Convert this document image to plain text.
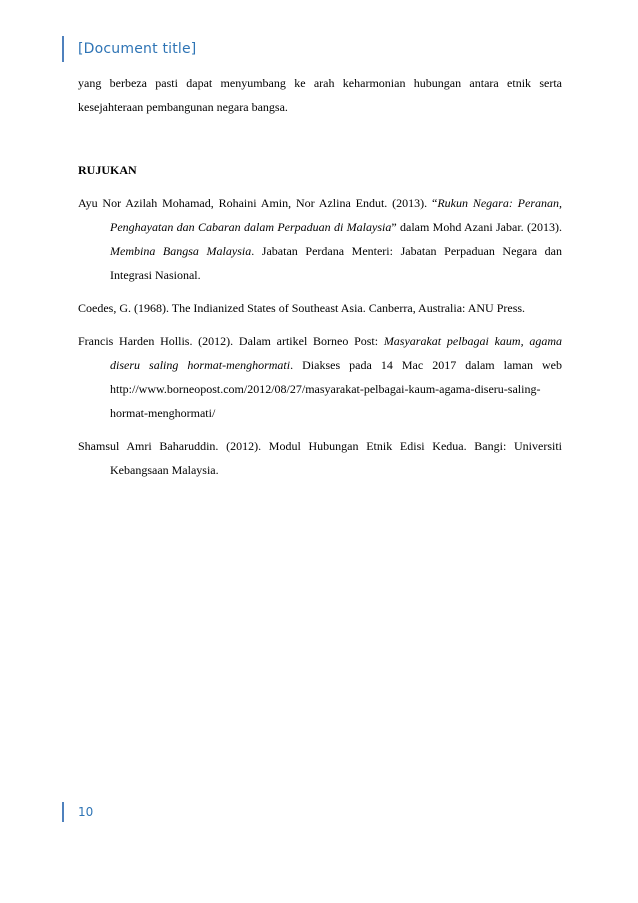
[Document title]

yang berbeza pasti dapat menyumbang ke arah keharmonian hubungan antara etnik serta kesejahteraan pembangunan negara bangsa.

RUJUKAN

Ayu Nor Azilah Mohamad, Rohaini Amin, Nor Azlina Endut. (2013). “Rukun Negara: Peranan, Penghayatan dan Cabaran dalam Perpaduan di Malaysia” dalam Mohd Azani Jabar. (2013). Membina Bangsa Malaysia. Jabatan Perdana Menteri: Jabatan Perpaduan Negara dan Integrasi Nasional.

Coedes, G. (1968). The Indianized States of Southeast Asia. Canberra, Australia: ANU Press.

Francis Harden Hollis. (2012). Dalam artikel Borneo Post: Masyarakat pelbagai kaum, agama diseru saling hormat-menghormati. Diakses pada 14 Mac 2017 dalam laman web http://www.borneopost.com/2012/08/27/masyarakat-pelbagai-kaum-agama-diseru-saling-hormat-menghormati/

Shamsul Amri Baharuddin. (2012). Modul Hubungan Etnik Edisi Kedua. Bangi: Universiti Kebangsaan Malaysia.

10
